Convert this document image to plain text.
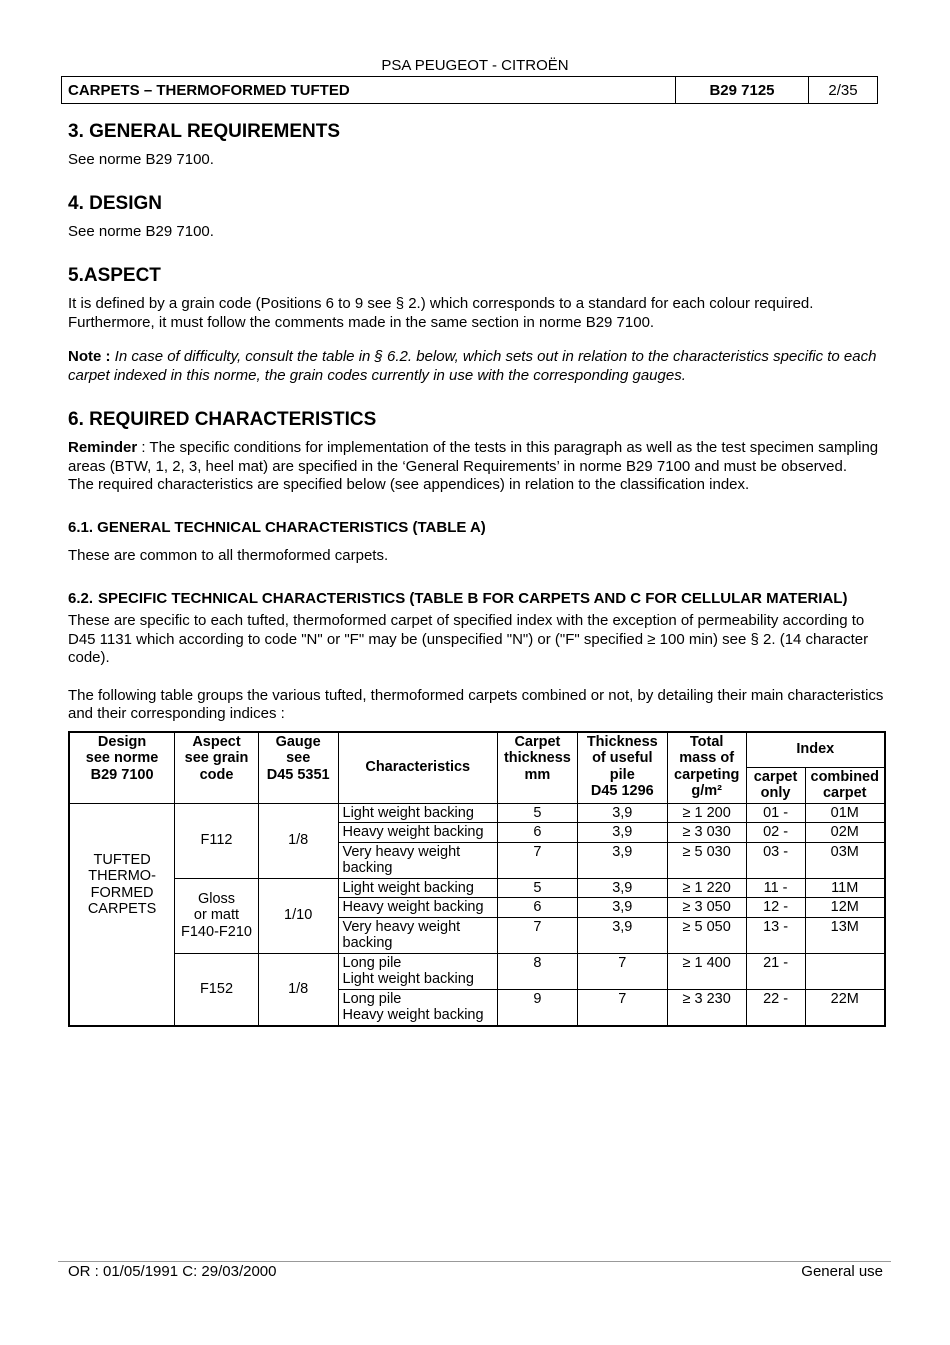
PSA PEUGEOT - CITROËN
CARPETS – THERMOFORMED TUFTED	B29 7125	2/35
3. GENERAL REQUIREMENTS

See norme B29 7100.

4. DESIGN

See norme B29 7100.

5.ASPECT

It is defined by a grain code (Positions 6 to 9 see § 2.) which corresponds to a standard for each colour required. Furthermore, it must follow the comments made in the same section in norme B29 7100.

Note : In case of difficulty, consult the table in § 6.2. below, which sets out in relation to the characteristics specific to each carpet indexed in this norme, the grain codes currently in use with the corresponding gauges.

6. REQUIRED CHARACTERISTICS

Reminder : The specific conditions for implementation of the tests in this paragraph as well as the test specimen sampling areas (BTW, 1, 2, 3, heel mat) are specified in the ‘General Requirements’ in norme B29 7100 and must be observed.

The required characteristics are specified below (see appendices) in relation to the classification index.

6.1. GENERAL TECHNICAL CHARACTERISTICS (TABLE A)

These are common to all thermoformed carpets.

6.2. SPECIFIC TECHNICAL CHARACTERISTICS (TABLE B FOR CARPETS AND C FOR CELLULAR MATERIAL)

These are specific to each tufted, thermoformed carpet of specified index with the exception of permeability according to D45 1131 which according to code "N" or "F" may be (unspecified "N") or ("F" specified ≥ 100 min) see § 2. (14 character code).

The following table groups the various tufted, thermoformed carpets combined or not, by detailing their main characteristics and their corresponding indices :

Design
see norme
B29 7100	Aspect
see grain
code	Gauge
see
D45 5351	Characteristics	Carpet
thickness
mm	Thickness
of useful
pile
D45 1296	Total
mass of
carpeting
g/m²	Index	
							carpet
only	combined
carpet
TUFTED
THERMO-
FORMED
CARPETS	F112	1/8	Light weight backing	5	3,9	≥ 1 200	01 -	01M
			Heavy weight backing	6	3,9	≥ 3 030	02 -	02M
			Very heavy weight
backing	7	3,9	≥ 5 030	03 -	03M
	Gloss
or matt
F140-F210	1/10	Light weight backing	5	3,9	≥ 1 220	11 -	11M
			Heavy weight backing	6	3,9	≥ 3 050	12 -	12M
			Very heavy weight
backing	7	3,9	≥ 5 050	13 -	13M
	F152	1/8	Long pile
Light weight backing	8	7	≥ 1 400	21 -	
			Long pile
Heavy weight backing	9	7	≥ 3 230	22 -	22M
OR : 01/05/1991 C: 29/03/2000	General use
